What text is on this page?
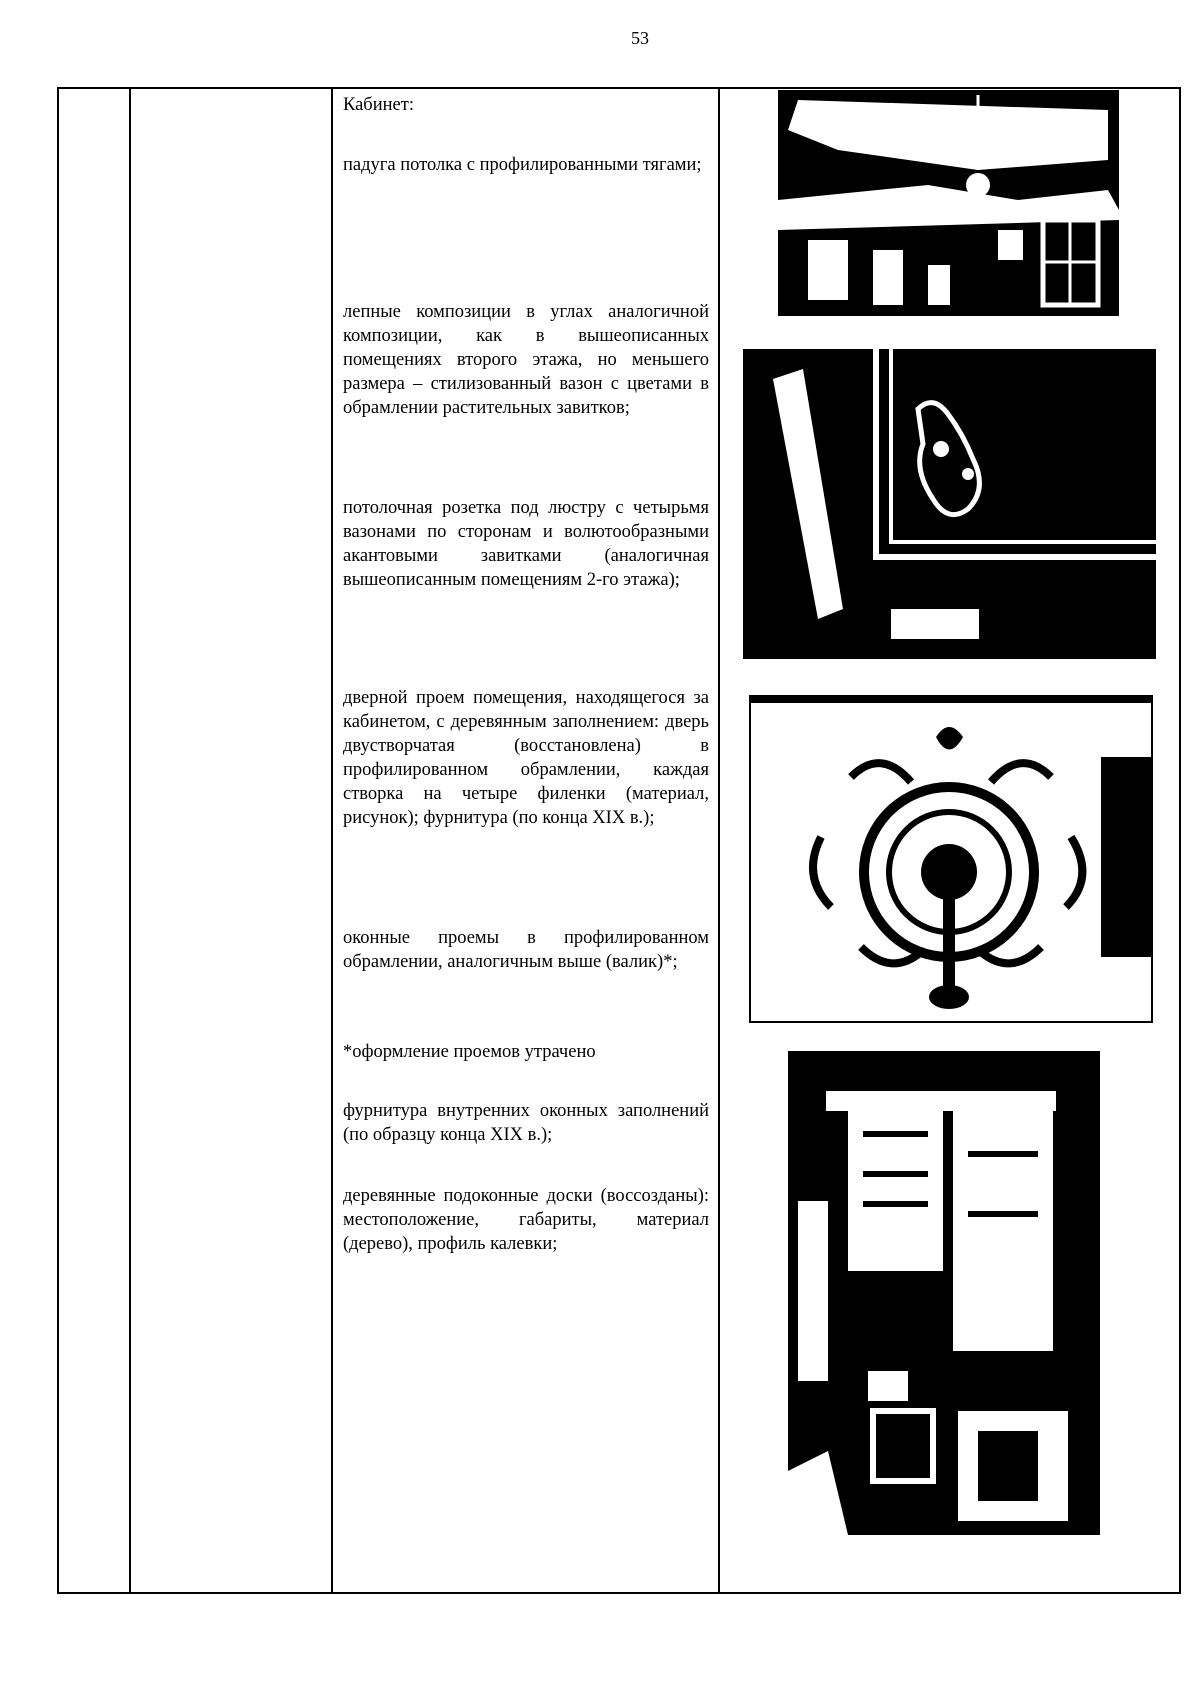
53

Кабинет:

падуга потолка с профилированными тягами;

лепные композиции в углах аналогичной композиции, как в вышеописанных помещениях второго этажа, но меньшего размера – стилизованный вазон с цветами в обрамлении растительных завитков;

потолочная розетка под люстру с четырьмя вазонами по сторонам и волютообразными акантовыми завитками (аналогичная вышеописанным помещениям 2-го этажа);

дверной проем помещения, находящегося за кабинетом, с деревянным заполнением: дверь двустворчатая (восстановлена) в профилированном обрамлении, каждая створка на четыре филенки (материал, рисунок); фурнитура (по конца XIX в.);

оконные проемы в профилированном обрамлении, аналогичным выше (валик)*;

*оформление проемов утрачено

фурнитура внутренних оконных заполнений (по образцу конца XIX в.);

деревянные подоконные доски (воссозданы): местоположение, габариты, материал (дерево), профиль калевки;
